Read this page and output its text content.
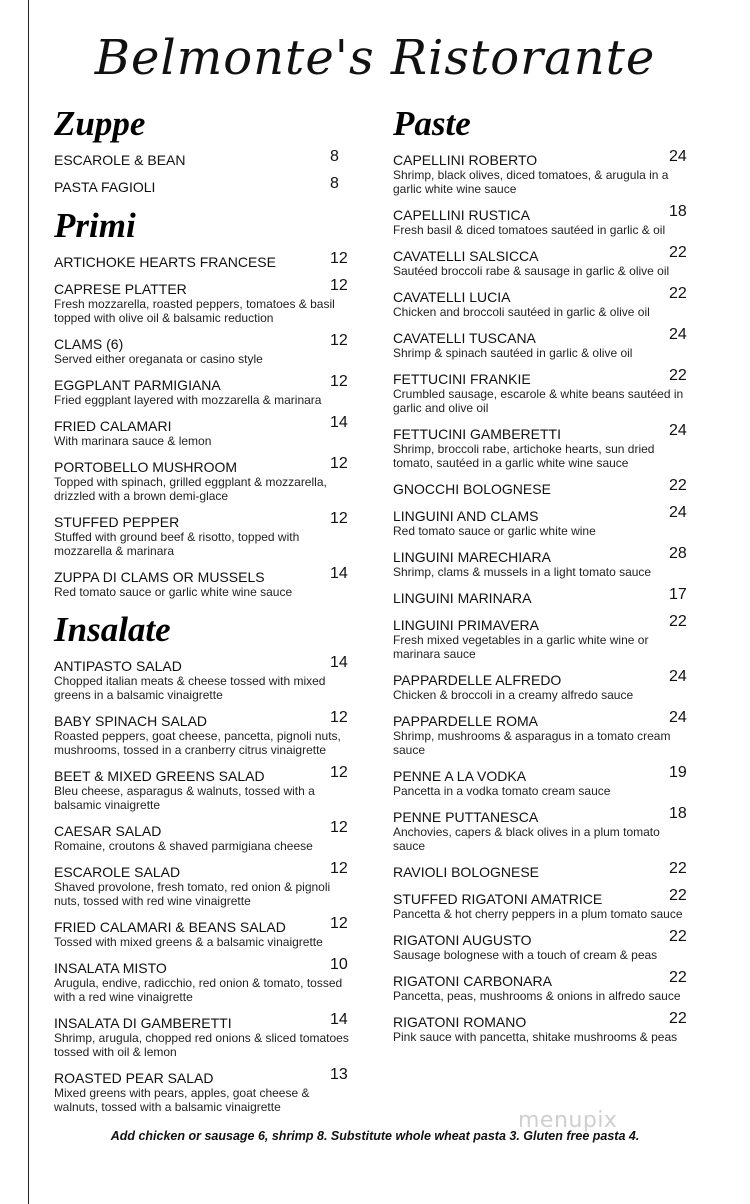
Belmonte's Ristorante
Zuppe
ESCAROLE & BEAN	8
PASTA FAGIOLI	8
Primi
ARTICHOKE HEARTS FRANCESE	12
CAPRESE PLATTER	12
Fresh mozzarella, roasted peppers, tomatoes & basil topped with olive oil & balsamic reduction
CLAMS (6)	12
Served either oreganata or casino style
EGGPLANT PARMIGIANA	12
Fried eggplant layered with mozzarella & marinara
FRIED CALAMARI	14
With marinara sauce & lemon
PORTOBELLO MUSHROOM	12
Topped with spinach, grilled eggplant & mozzarella, drizzled with a brown demi-glace
STUFFED PEPPER	12
Stuffed with ground beef & risotto, topped with mozzarella & marinara
ZUPPA DI CLAMS OR MUSSELS	14
Red tomato sauce or garlic white wine sauce
Insalate
ANTIPASTO SALAD	14
Chopped italian meats & cheese tossed with mixed greens in a balsamic vinaigrette
BABY SPINACH SALAD	12
Roasted peppers, goat cheese, pancetta, pignoli nuts, mushrooms, tossed in a cranberry citrus vinaigrette
BEET & MIXED GREENS SALAD	12
Bleu cheese, asparagus & walnuts, tossed with a balsamic vinaigrette
CAESAR SALAD	12
Romaine, croutons & shaved parmigiana cheese
ESCAROLE SALAD	12
Shaved provolone, fresh tomato, red onion & pignoli nuts, tossed with red wine vinaigrette
FRIED CALAMARI & BEANS SALAD	12
Tossed with mixed greens & a balsamic vinaigrette
INSALATA MISTO	10
Arugula, endive, radicchio, red onion & tomato, tossed with a red wine vinaigrette
INSALATA DI GAMBERETTI	14
Shrimp, arugula, chopped red onions & sliced tomatoes tossed with oil & lemon
ROASTED PEAR SALAD	13
Mixed greens with pears, apples, goat cheese & walnuts, tossed with a balsamic vinaigrette
Paste
CAPELLINI ROBERTO	24
Shrimp, black olives, diced tomatoes, & arugula in a garlic white wine sauce
CAPELLINI RUSTICA	18
Fresh basil & diced tomatoes sautéed in garlic & oil
CAVATELLI SALSICCA	22
Sautéed broccoli rabe & sausage in garlic & olive oil
CAVATELLI LUCIA	22
Chicken and broccoli sautéed in garlic & olive oil
CAVATELLI TUSCANA	24
Shrimp & spinach sautéed in garlic & olive oil
FETTUCINI FRANKIE	22
Crumbled sausage, escarole & white beans sautéed in garlic and olive oil
FETTUCINI GAMBERETTI	24
Shrimp, broccoli rabe, artichoke hearts, sun dried tomato, sautéed in a garlic white wine sauce
GNOCCHI BOLOGNESE	22
LINGUINI AND CLAMS	24
Red tomato sauce or garlic white wine
LINGUINI MARECHIARA	28
Shrimp, clams & mussels in a light tomato sauce
LINGUINI MARINARA	17
LINGUINI PRIMAVERA	22
Fresh mixed vegetables in a garlic white wine or marinara sauce
PAPPARDELLE ALFREDO	24
Chicken & broccoli in a creamy alfredo sauce
PAPPARDELLE ROMA	24
Shrimp, mushrooms & asparagus in a tomato cream sauce
PENNE A LA VODKA	19
Pancetta in a vodka tomato cream sauce
PENNE PUTTANESCA	18
Anchovies, capers & black olives in a plum tomato sauce
RAVIOLI BOLOGNESE	22
STUFFED RIGATONI AMATRICE	22
Pancetta & hot cherry peppers in a plum tomato sauce
RIGATONI AUGUSTO	22
Sausage bolognese with a touch of cream & peas
RIGATONI CARBONARA	22
Pancetta, peas, mushrooms & onions in alfredo sauce
RIGATONI ROMANO	22
Pink sauce with pancetta, shitake mushrooms & peas
menupix
Add chicken or sausage 6, shrimp 8. Substitute whole wheat pasta 3. Gluten free pasta 4.
